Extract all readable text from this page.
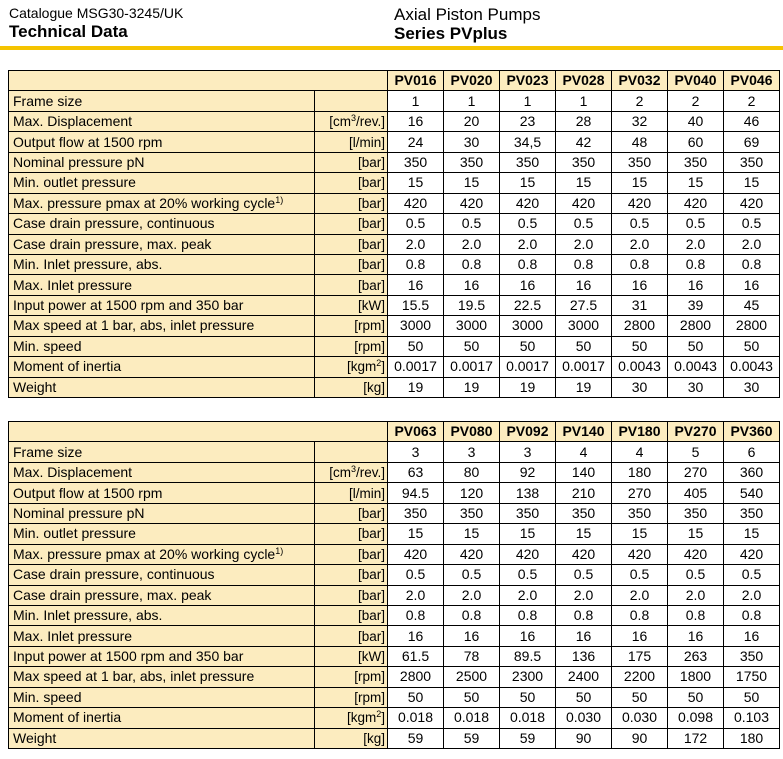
Catalogue MSG30-3245/UK
Technical Data
Axial Piston Pumps
Series PVplus
		PV016	PV020	PV023	PV028	PV032	PV040	PV046
Frame size		1	1	1	1	2	2	2
Max. Displacement	$[cm^3/rev.]$	16	20	23	28	32	40	46
Output flow at 1500 rpm	[l/min]	24	30	34,5	42	48	60	69
Nominal pressure pN	[bar]	350	350	350	350	350	350	350
Min. outlet pressure	[bar]	15	15	15	15	15	15	15
Max. pressure pmax at 20% working cycle$^{1)}$	[bar]	420	420	420	420	420	420	420
Case drain pressure, continuous	[bar]	0.5	0.5	0.5	0.5	0.5	0.5	0.5
Case drain pressure, max. peak	[bar]	2.0	2.0	2.0	2.0	2.0	2.0	2.0
Min. Inlet pressure, abs.	[bar]	0.8	0.8	0.8	0.8	0.8	0.8	0.8
Max. Inlet pressure	[bar]	16	16	16	16	16	16	16
Input power at 1500 rpm and 350 bar	[kW]	15.5	19.5	22.5	27.5	31	39	45
Max speed at 1 bar, abs, inlet pressure	[rpm]	3000	3000	3000	3000	2800	2800	2800
Min. speed	[rpm]	50	50	50	50	50	50	50
Moment of inertia	[kgm$^2$]	0.0017	0.0017	0.0017	0.0017	0.0043	0.0043	0.0043
Weight	[kg]	19	19	19	19	30	30	30
		PV063	PV080	PV092	PV140	PV180	PV270	PV360
Frame size		3	3	3	4	4	5	6
Max. Displacement	$[cm^3/rev.]$	63	80	92	140	180	270	360
Output flow at 1500 rpm	[l/min]	94.5	120	138	210	270	405	540
Nominal pressure pN	[bar]	350	350	350	350	350	350	350
Min. outlet pressure	[bar]	15	15	15	15	15	15	15
Max. pressure pmax at 20% working cycle$^{1)}$	[bar]	420	420	420	420	420	420	420
Case drain pressure, continuous	[bar]	0.5	0.5	0.5	0.5	0.5	0.5	0.5
Case drain pressure, max. peak	[bar]	2.0	2.0	2.0	2.0	2.0	2.0	2.0
Min. Inlet pressure, abs.	[bar]	0.8	0.8	0.8	0.8	0.8	0.8	0.8
Max. Inlet pressure	[bar]	16	16	16	16	16	16	16
Input power at 1500 rpm and 350 bar	[kW]	61.5	78	89.5	136	175	263	350
Max speed at 1 bar, abs, inlet pressure	[rpm]	2800	2500	2300	2400	2200	1800	1750
Min. speed	[rpm]	50	50	50	50	50	50	50
Moment of inertia	[kgm$^2$]	0.018	0.018	0.018	0.030	0.030	0.098	0.103
Weight	[kg]	59	59	59	90	90	172	180
